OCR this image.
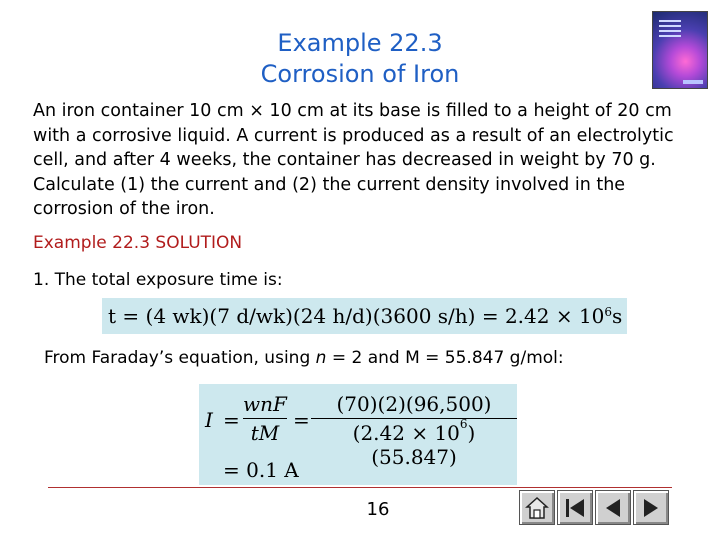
Example 22.3
Corrosion of Iron
An iron container 10 cm × 10 cm at its base is filled to a height of 20 cm with a corrosive liquid. A current is produced as a result of an electrolytic cell, and after 4 weeks, the container has decreased in weight by 70 g. Calculate (1) the current and (2) the current density involved in the corrosion of the iron.
Example 22.3 SOLUTION
1. The total exposure time is:
t = (4 wk)(7 d/wk)(24 h/d)(3600 $s/h) = 2.42 \times 10^6$ s
From Faraday’s equation, using n = 2 and M = 55.847 g/mol:
I =
wnF
tM
= $\frac{(70)(2)(96,500)}{(2.42 \times 10^6)(55.847)}$
= 0.1 A
16
